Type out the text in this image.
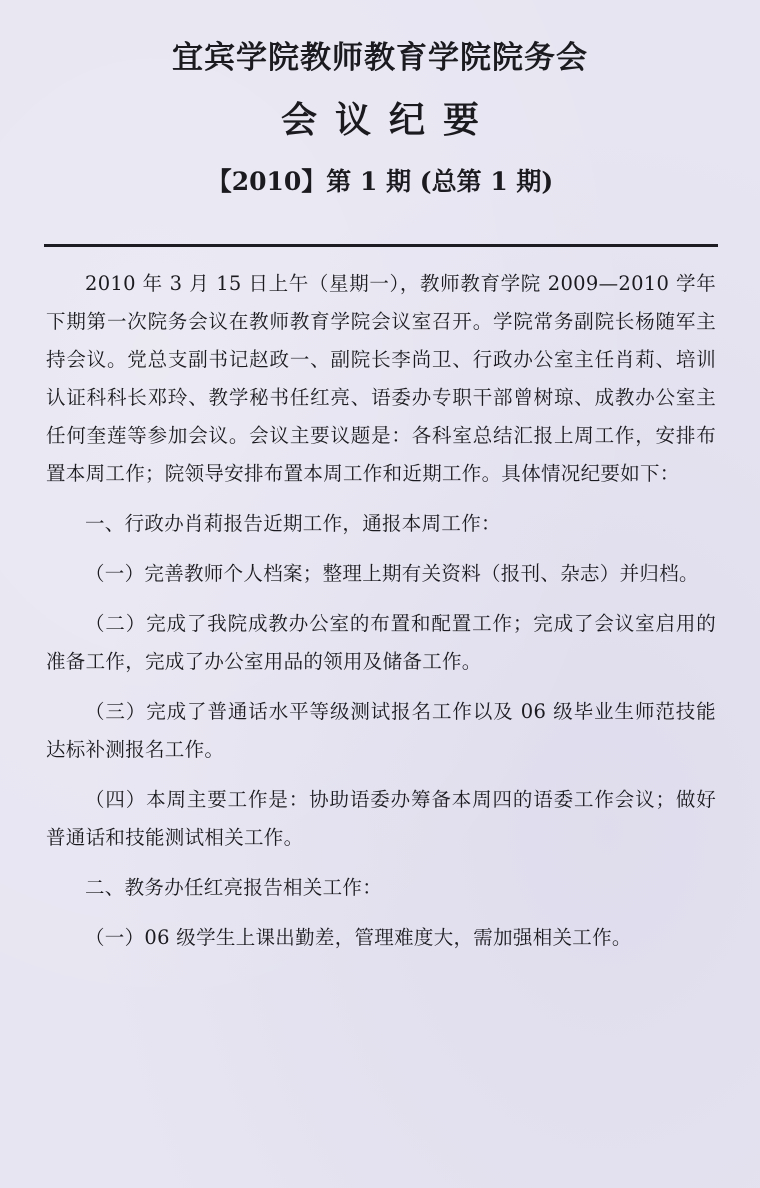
宜宾学院教师教育学院院务会
会议纪要
【2010】第 1 期 (总第 1 期)

2010 年 3 月 15 日上午（星期一），教师教育学院 2009—2010 学年下期第一次院务会议在教师教育学院会议室召开。学院常务副院长杨随军主持会议。党总支副书记赵政一、副院长李尚卫、行政办公室主任肖莉、培训认证科科长邓玲、教学秘书任红亮、语委办专职干部曾树琼、成教办公室主任何奎莲等参加会议。会议主要议题是：各科室总结汇报上周工作，安排布置本周工作；院领导安排布置本周工作和近期工作。具体情况纪要如下：

一、行政办肖莉报告近期工作，通报本周工作：

（一）完善教师个人档案；整理上期有关资料（报刊、杂志）并归档。

（二）完成了我院成教办公室的布置和配置工作；完成了会议室启用的准备工作，完成了办公室用品的领用及储备工作。

（三）完成了普通话水平等级测试报名工作以及 06 级毕业生师范技能达标补测报名工作。

（四）本周主要工作是：协助语委办筹备本周四的语委工作会议；做好普通话和技能测试相关工作。

二、教务办任红亮报告相关工作：

（一）06 级学生上课出勤差，管理难度大，需加强相关工作。
